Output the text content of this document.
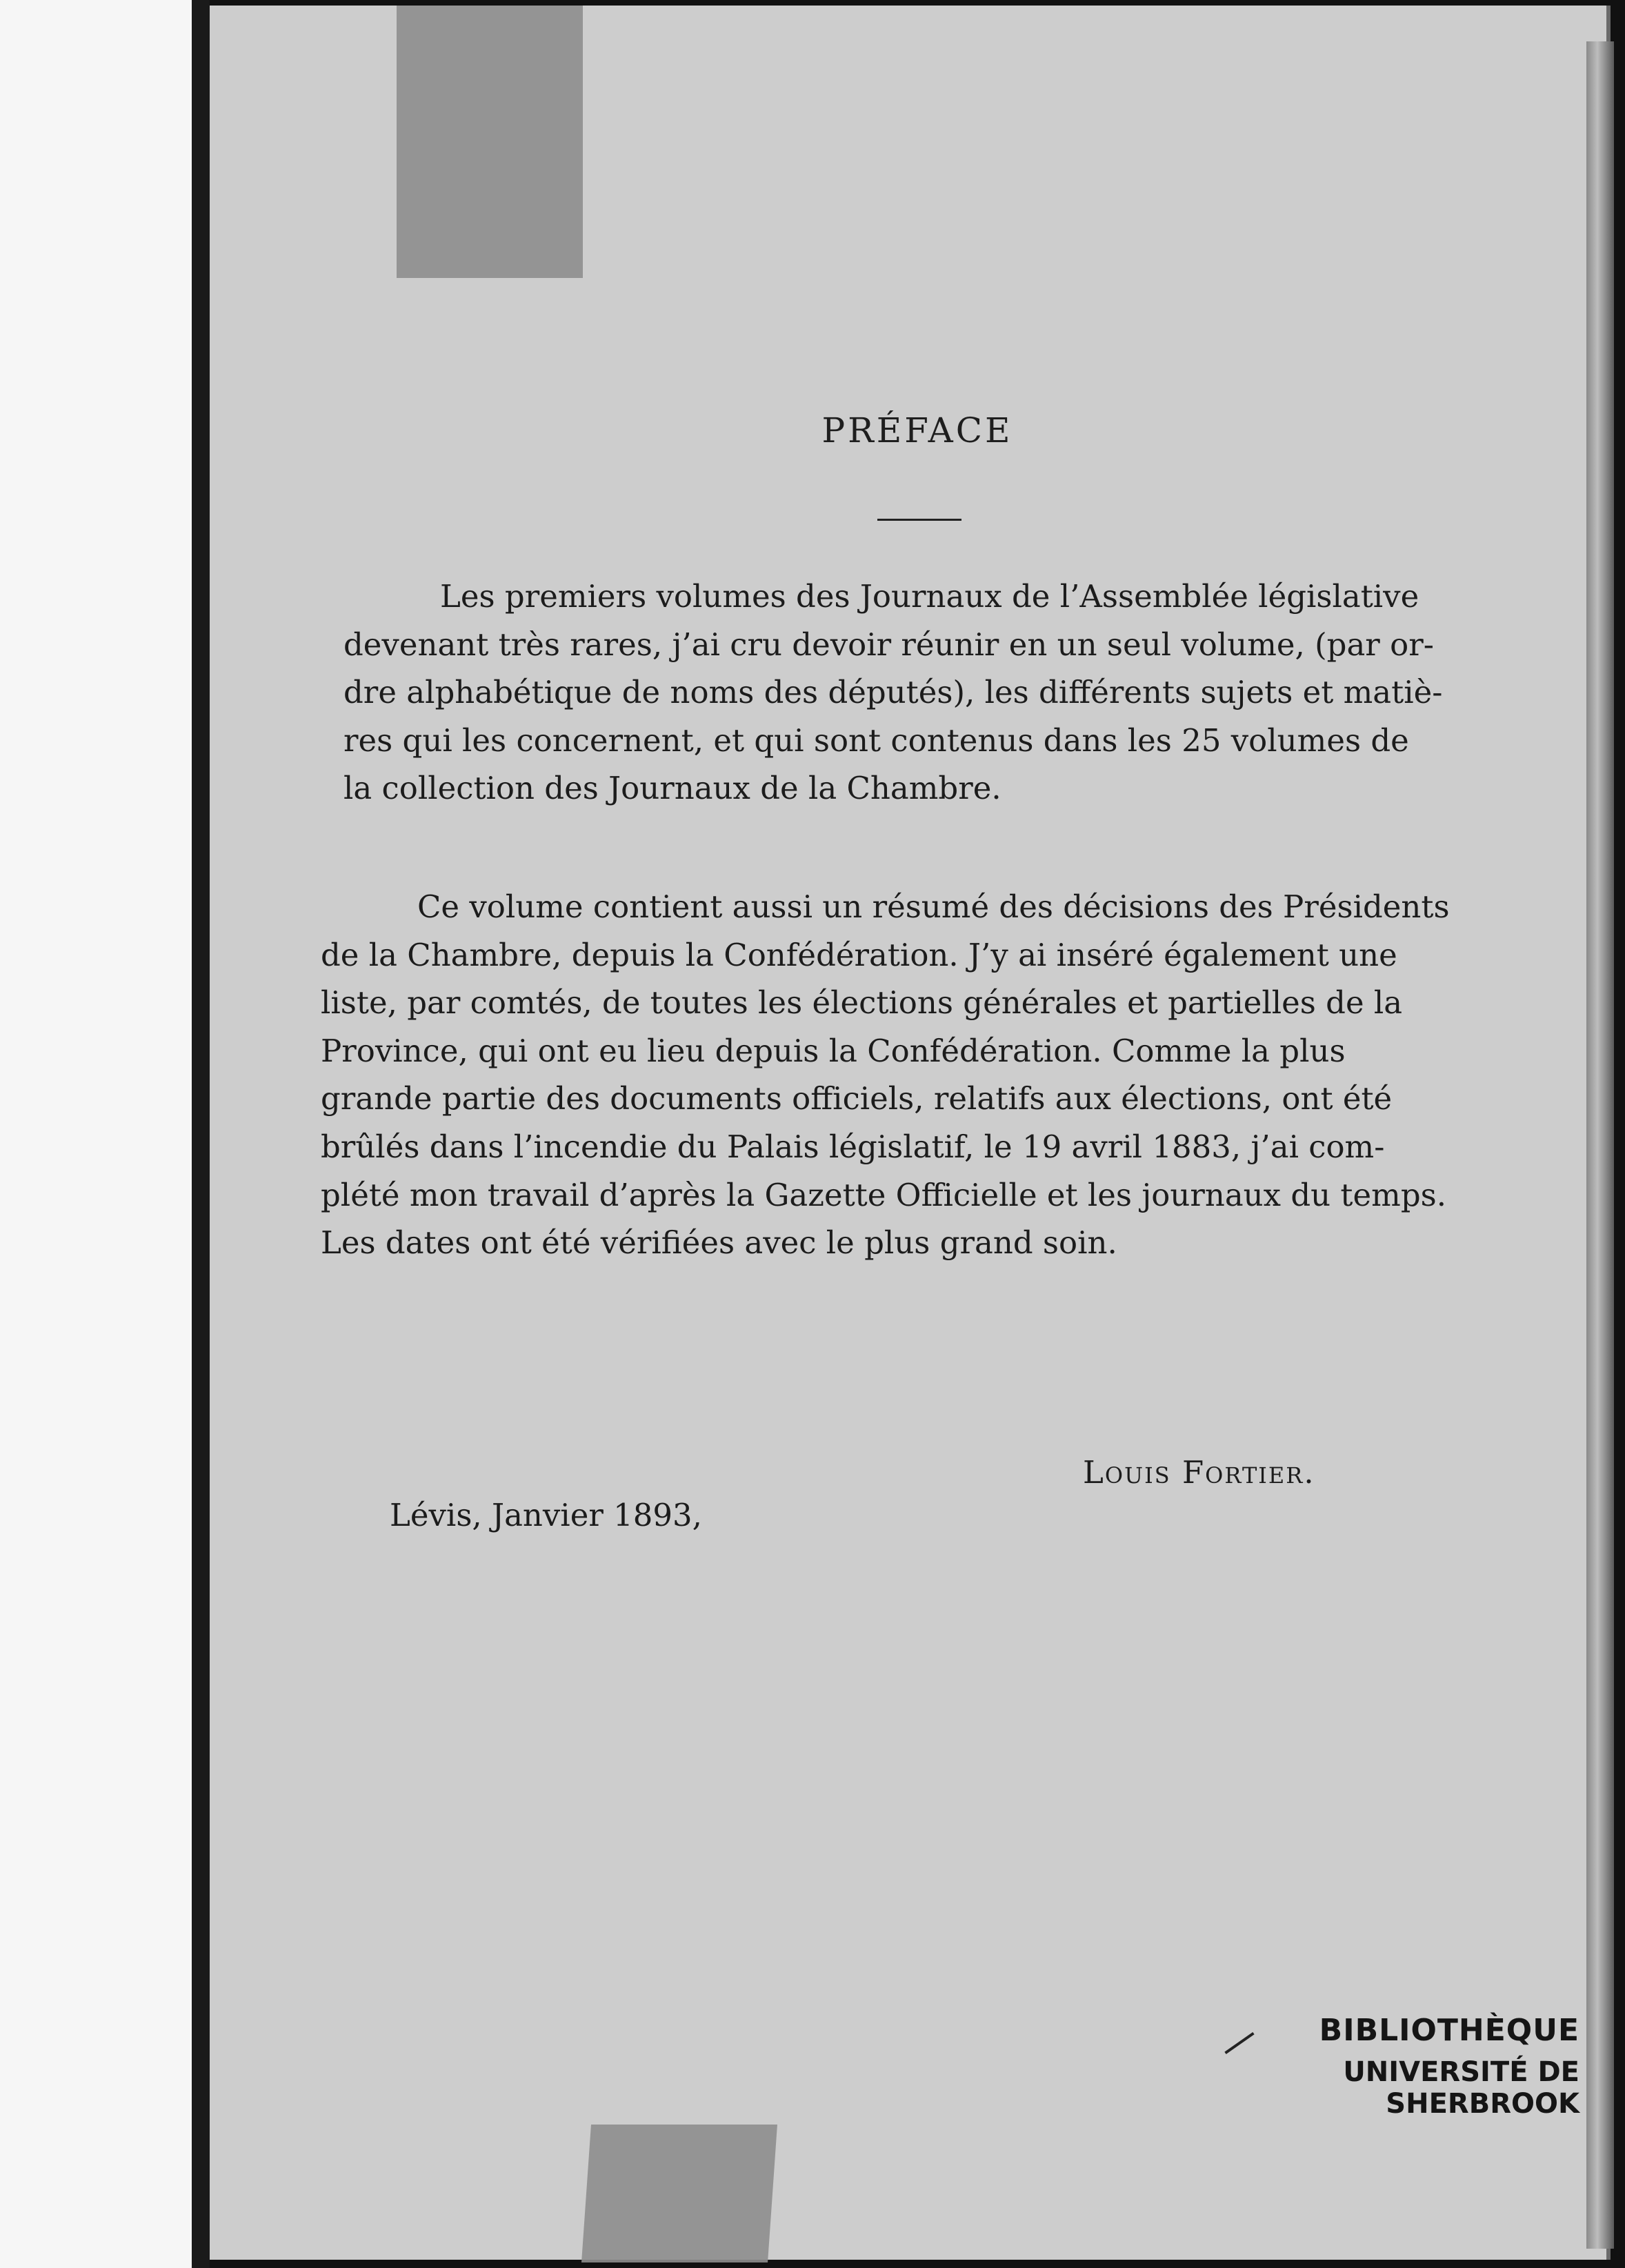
PRÉFACE
Les premiers volumes des Journaux de l’Assemblée législative
devenant très rares, j’ai cru devoir réunir en un seul volume, (par or-
dre alphabétique de noms des députés), les différents sujets et matiè-
res qui les concernent, et qui sont contenus dans les 25 volumes de
la collection des Journaux de la Chambre.
Ce volume contient aussi un résumé des décisions des Présidents
de la Chambre, depuis la Confédération. J’y ai inséré également une
liste, par comtés, de toutes les élections générales et partielles de la
Province, qui ont eu lieu depuis la Confédération. Comme la plus
grande partie des documents officiels, relatifs aux élections, ont été
brûlés dans l’incendie du Palais législatif, le 19 avril 1883, j’ai com-
plété mon travail d’après la Gazette Officielle et les journaux du temps.
Les dates ont été vérifiées avec le plus grand soin.
Louis Fortier.
Lévis, Janvier 1893,
BIBLIOTHÈQUE
UNIVERSITÉ DE SHERBROOK
